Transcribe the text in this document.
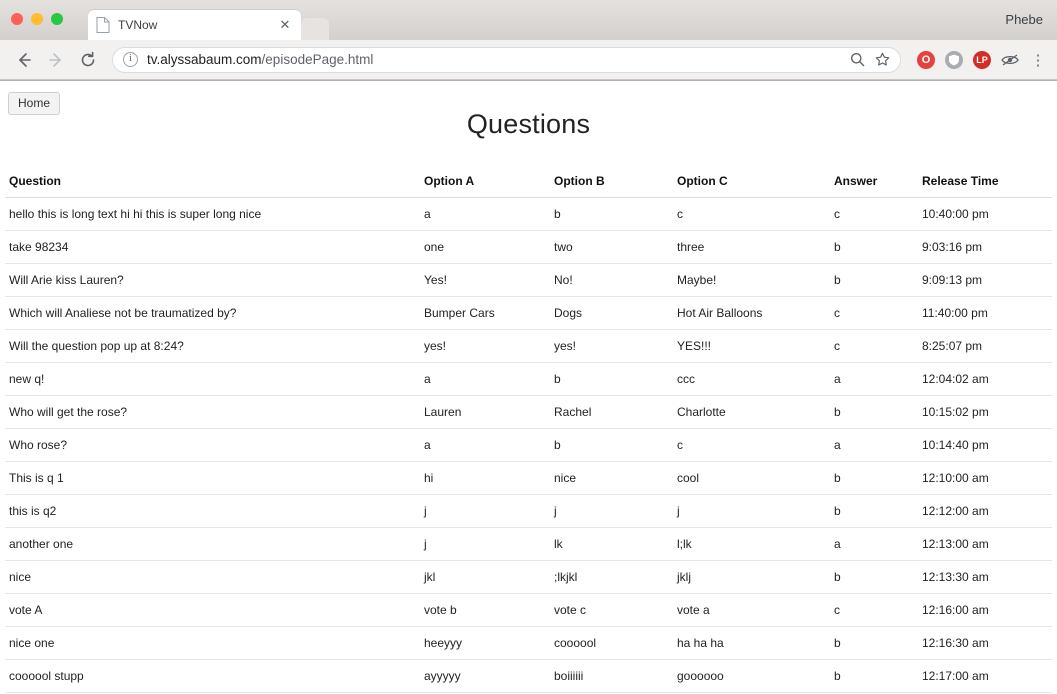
TVNow	✕	Phebe
i	tv.alyssabaum.com/episodePage.html	O	LP	⋮
Home
Questions
Question	Option A	Option B	Option C	Answer	Release Time
hello this is long text hi hi this is super long nice	a	b	c	c	10:40:00 pm
take 98234	one	two	three	b	9:03:16 pm
Will Arie kiss Lauren?	Yes!	No!	Maybe!	b	9:09:13 pm
Which will Analiese not be traumatized by?	Bumper Cars	Dogs	Hot Air Balloons	c	11:40:00 pm
Will the question pop up at 8:24?	yes!	yes!	YES!!!	c	8:25:07 pm
new q!	a	b	ccc	a	12:04:02 am
Who will get the rose?	Lauren	Rachel	Charlotte	b	10:15:02 pm
Who rose?	a	b	c	a	10:14:40 pm
This is q 1	hi	nice	cool	b	12:10:00 am
this is q2	j	j	j	b	12:12:00 am
another one	j	lk	l;lk	a	12:13:00 am
nice	jkl	;lkjkl	jklj	b	12:13:30 am
vote A	vote b	vote c	vote a	c	12:16:00 am
nice one	heeyyy	coooool	ha ha ha	b	12:16:30 am
coooool stupp	ayyyyy	boiiiiii	goooooo	b	12:17:00 am
